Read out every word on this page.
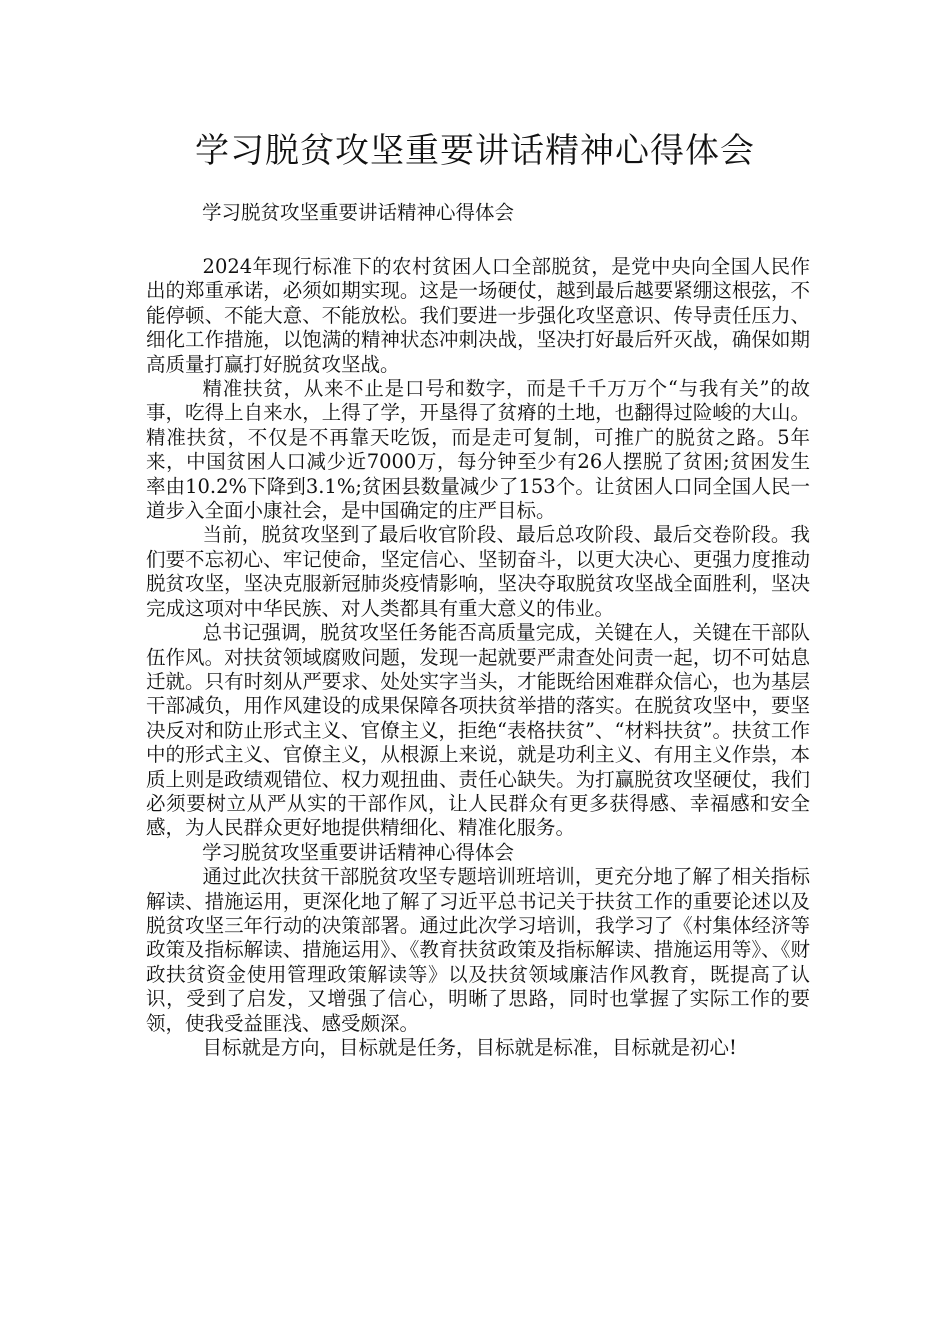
学习脱贫攻坚重要讲话精神心得体会

学习脱贫攻坚重要讲话精神心得体会

2024年现行标准下的农村贫困人口全部脱贫，是党中央向全国人民作出的郑重承诺，必须如期实现。这是一场硬仗，越到最后越要紧绷这根弦，不能停顿、不能大意、不能放松。我们要进一步强化攻坚意识、传导责任压力、细化工作措施，以饱满的精神状态冲刺决战，坚决打好最后歼灭战，确保如期高质量打赢打好脱贫攻坚战。

精准扶贫，从来不止是口号和数字，而是千千万万个“与我有关”的故事，吃得上自来水，上得了学，开垦得了贫瘠的土地，也翻得过险峻的大山。精准扶贫，不仅是不再靠天吃饭，而是走可复制，可推广的脱贫之路。5年来，中国贫困人口减少近7000万，每分钟至少有26人摆脱了贫困;贫困发生率由10.2%下降到3.1%;贫困县数量减少了153个。让贫困人口同全国人民一道步入全面小康社会，是中国确定的庄严目标。

当前，脱贫攻坚到了最后收官阶段、最后总攻阶段、最后交卷阶段。我们要不忘初心、牢记使命，坚定信心、坚韧奋斗，以更大决心、更强力度推动脱贫攻坚，坚决克服新冠肺炎疫情影响，坚决夺取脱贫攻坚战全面胜利，坚决完成这项对中华民族、对人类都具有重大意义的伟业。

总书记强调，脱贫攻坚任务能否高质量完成，关键在人，关键在干部队伍作风。对扶贫领域腐败问题，发现一起就要严肃查处问责一起，切不可姑息迁就。只有时刻从严要求、处处实字当头，才能既给困难群众信心，也为基层干部减负，用作风建设的成果保障各项扶贫举措的落实。在脱贫攻坚中，要坚决反对和防止形式主义、官僚主义，拒绝“表格扶贫”、“材料扶贫”。扶贫工作中的形式主义、官僚主义，从根源上来说，就是功利主义、有用主义作祟，本质上则是政绩观错位、权力观扭曲、责任心缺失。为打赢脱贫攻坚硬仗，我们必须要树立从严从实的干部作风，让人民群众有更多获得感、幸福感和安全感，为人民群众更好地提供精细化、精准化服务。

学习脱贫攻坚重要讲话精神心得体会

通过此次扶贫干部脱贫攻坚专题培训班培训，更充分地了解了相关指标解读、措施运用，更深化地了解了习近平总书记关于扶贫工作的重要论述以及脱贫攻坚三年行动的决策部署。通过此次学习培训，我学习了《村集体经济等政策及指标解读、措施运用》、《教育扶贫政策及指标解读、措施运用等》、《财政扶贫资金使用管理政策解读等》以及扶贫领域廉洁作风教育，既提高了认识，受到了启发，又增强了信心，明晰了思路，同时也掌握了实际工作的要领，使我受益匪浅、感受颇深。

目标就是方向，目标就是任务，目标就是标准，目标就是初心!
